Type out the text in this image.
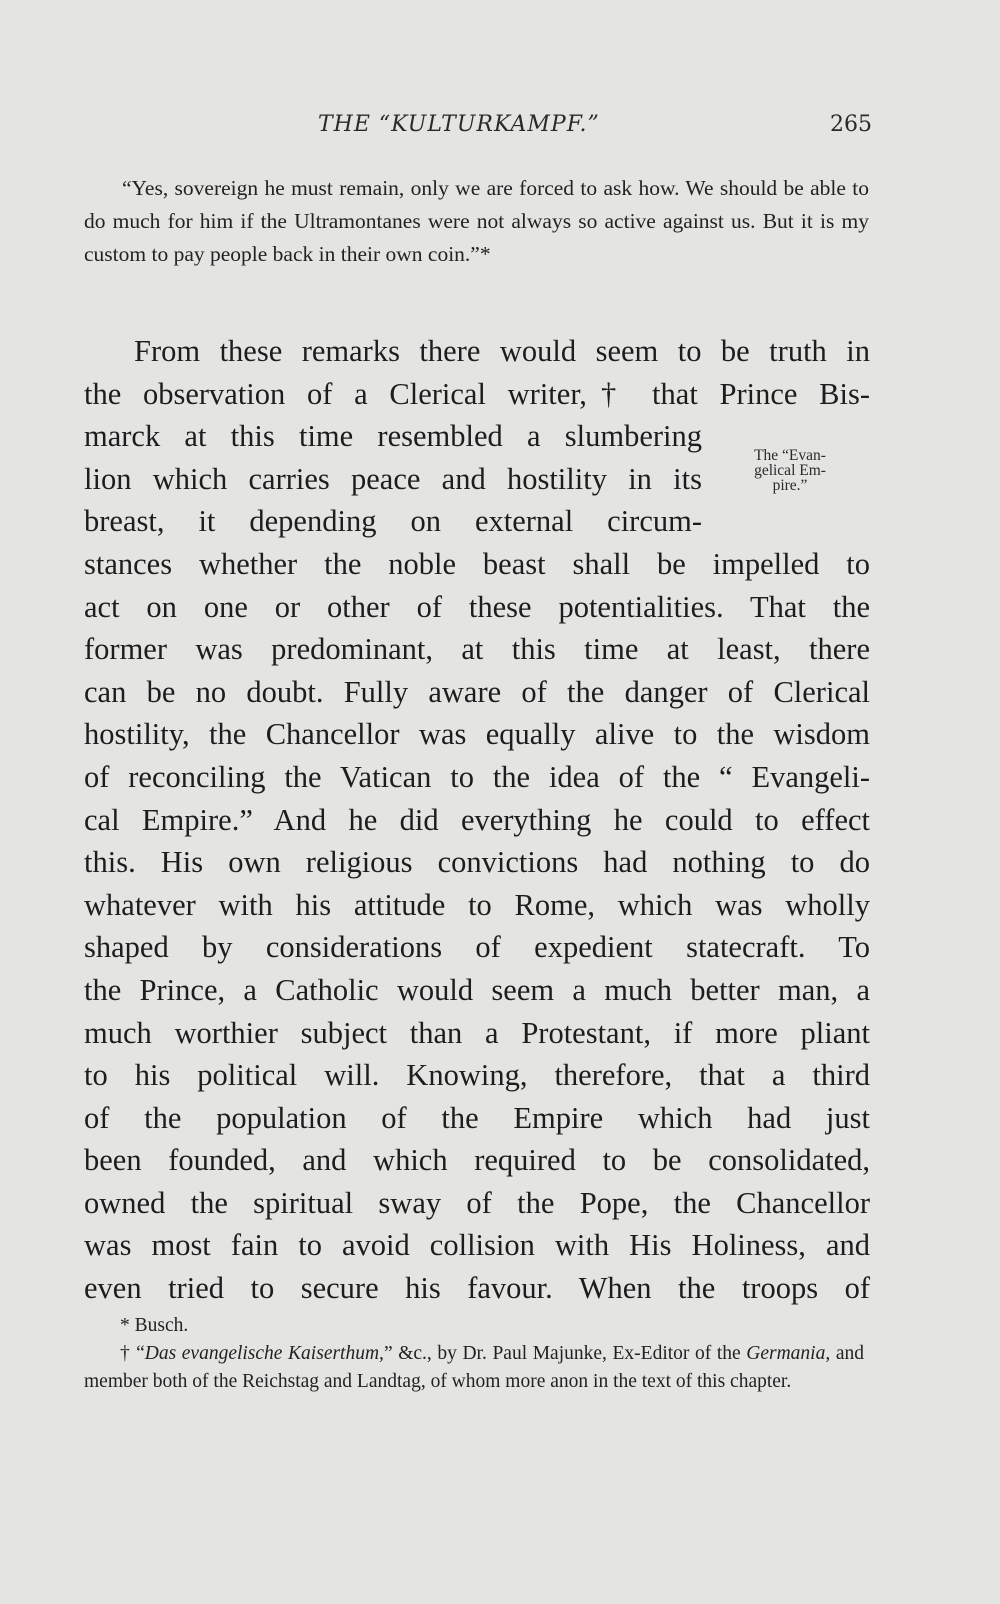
THE “KULTURKAMPF.”	265

“Yes, sovereign he must remain, only we are forced to ask how. We should be able to do much for him if the Ultramontanes were not always so active against us. But it is my custom to pay people back in their own coin.”*

From these remarks there would seem to be truth in
the observation of a Clerical writer,† that Prince Bis-
marck at this time resembled a slumbering
lion which carries peace and hostility in its
breast, it depending on external circum-
stances whether the noble beast shall be impelled to
act on one or other of these potentialities. That the
former was predominant, at this time at least, there
can be no doubt. Fully aware of the danger of Clerical
hostility, the Chancellor was equally alive to the wisdom
of reconciling the Vatican to the idea of the “ Evangeli-
cal Empire.” And he did everything he could to effect
this. His own religious convictions had nothing to do
whatever with his attitude to Rome, which was wholly
shaped by considerations of expedient statecraft. To
the Prince, a Catholic would seem a much better man, a
much worthier subject than a Protestant, if more pliant
to his political will. Knowing, therefore, that a third
of the population of the Empire which had just
been founded, and which required to be consolidated,
owned the spiritual sway of the Pope, the Chancellor
was most fain to avoid collision with His Holiness, and
even tried to secure his favour. When the troops of
The “Evan-
gelical Em-
pire.”

* Busch.

† “Das evangelische Kaiserthum,” &c., by Dr. Paul Majunke, Ex-Editor of the Germania, and member both of the Reichstag and Landtag, of whom more anon in the text of this chapter.
